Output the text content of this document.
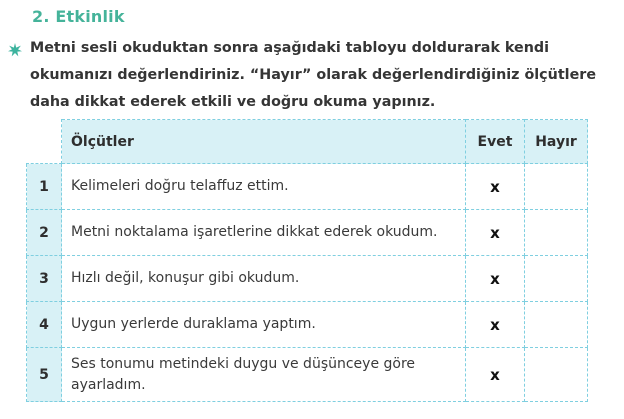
2. Etkinlik
Metni sesli okuduktan sonra aşağıdaki tabloyu doldurarak kendi okumanızı değerlendiriniz. “Hayır” olarak değerlendirdiğiniz ölçütlere daha dikkat ederek etkili ve doğru okuma yapınız.
	Ölçütler	Evet	Hayır
1	Kelimeleri doğru telaffuz ettim.	x	
2	Metni noktalama işaretlerine dikkat ederek okudum.	x	
3	Hızlı değil, konuşur gibi okudum.	x	
4	Uygun yerlerde duraklama yaptım.	x	
5	Ses tonumu metindeki duygu ve düşünceye göre ayarladım.	x	
